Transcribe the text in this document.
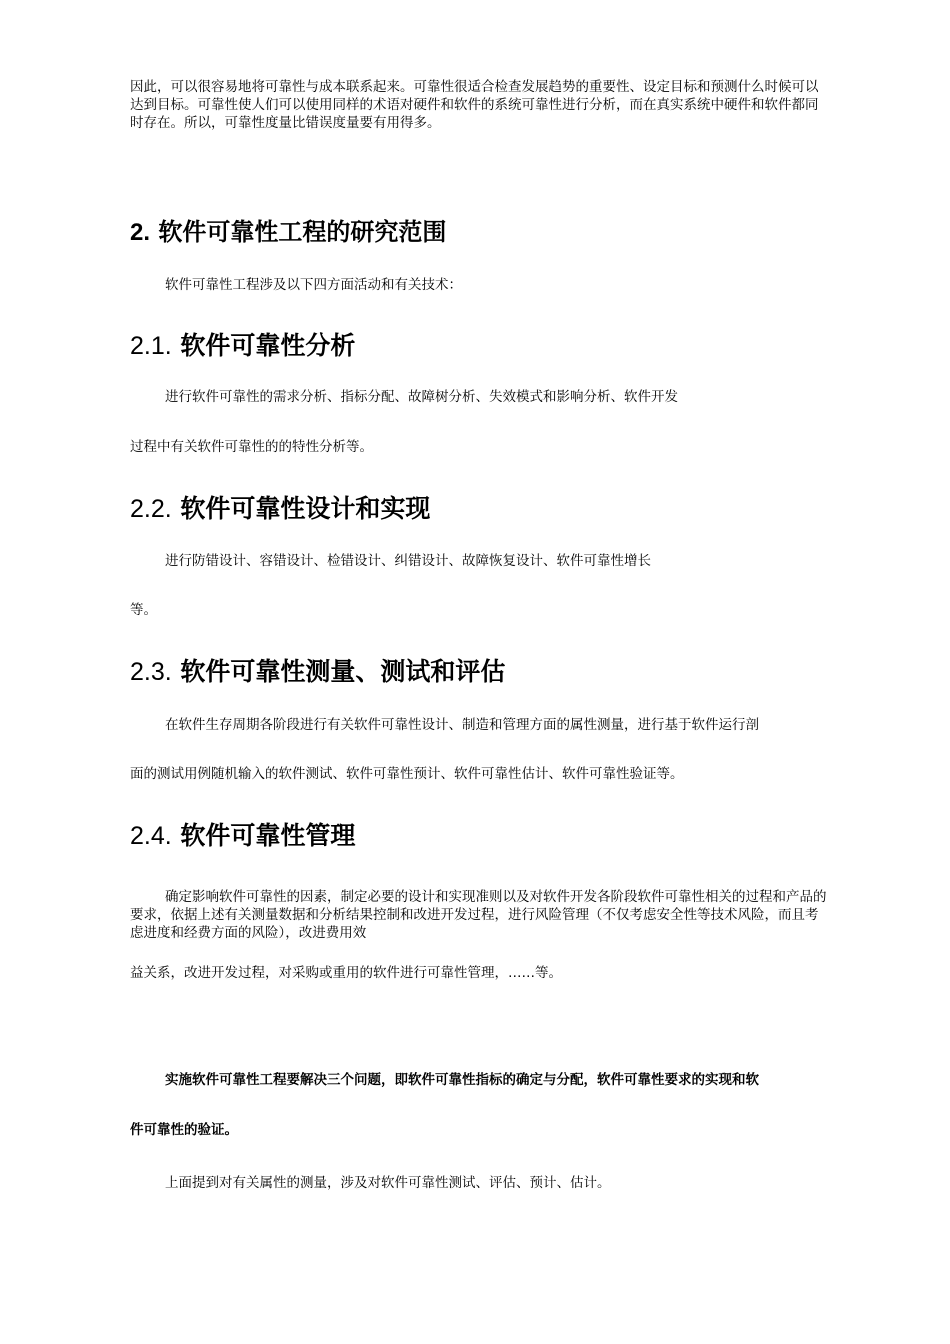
因此，可以很容易地将可靠性与成本联系起来。可靠性很适合检查发展趋势的重要性、设定目标和预测什么时候可以达到目标。可靠性使人们可以使用同样的术语对硬件和软件的系统可靠性进行分析，而在真实系统中硬件和软件都同时存在。所以，可靠性度量比错误度量要有用得多。

2. 软件可靠性工程的研究范围

软件可靠性工程涉及以下四方面活动和有关技术：

2.1. 软件可靠性分析

进行软件可靠性的需求分析、指标分配、故障树分析、失效模式和影响分析、软件开发

过程中有关软件可靠性的的特性分析等。

2.2. 软件可靠性设计和实现

进行防错设计、容错设计、检错设计、纠错设计、故障恢复设计、软件可靠性增长

等。

2.3. 软件可靠性测量、测试和评估

在软件生存周期各阶段进行有关软件可靠性设计、制造和管理方面的属性测量，进行基于软件运行剖

面的测试用例随机输入的软件测试、软件可靠性预计、软件可靠性估计、软件可靠性验证等。

2.4. 软件可靠性管理

确定影响软件可靠性的因素，制定必要的设计和实现准则以及对软件开发各阶段软件可靠性相关的过程和产品的要求，依据上述有关测量数据和分析结果控制和改进开发过程，进行风险管理（不仅考虑安全性等技术风险，而且考虑进度和经费方面的风险），改进费用效

益关系，改进开发过程，对采购或重用的软件进行可靠性管理，……等。

实施软件可靠性工程要解决三个问题，即软件可靠性指标的确定与分配，软件可靠性要求的实现和软

件可靠性的验证。

上面提到对有关属性的测量，涉及对软件可靠性测试、评估、预计、估计。
